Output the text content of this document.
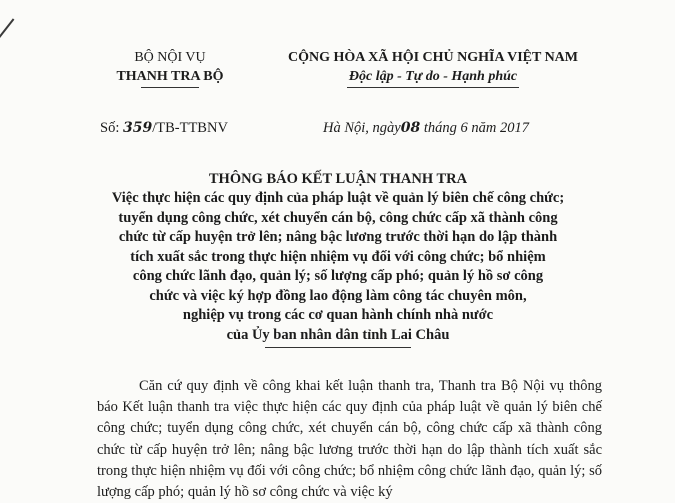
BỘ NỘI VỤ
THANH TRA BỘ
CỘNG HÒA XÃ HỘI CHỦ NGHĨA VIỆT NAM
Độc lập - Tự do - Hạnh phúc
Số: 359/TB-TTBNV	Hà Nội, ngày08 tháng 6 năm 2017
THÔNG BÁO KẾT LUẬN THANH TRA
Việc thực hiện các quy định của pháp luật về quản lý biên chế công chức;
tuyển dụng công chức, xét chuyển cán bộ, công chức cấp xã thành công
chức từ cấp huyện trở lên; nâng bậc lương trước thời hạn do lập thành
tích xuất sắc trong thực hiện nhiệm vụ đối với công chức; bổ nhiệm
công chức lãnh đạo, quản lý; số lượng cấp phó; quản lý hồ sơ công
chức và việc ký hợp đồng lao động làm công tác chuyên môn,
nghiệp vụ trong các cơ quan hành chính nhà nước
của Ủy ban nhân dân tỉnh Lai Châu
Căn cứ quy định về công khai kết luận thanh tra, Thanh tra Bộ Nội vụ thông báo Kết luận thanh tra việc thực hiện các quy định của pháp luật về quản lý biên chế công chức; tuyển dụng công chức, xét chuyển cán bộ, công chức cấp xã thành công chức từ cấp huyện trở lên; nâng bậc lương trước thời hạn do lập thành tích xuất sắc trong thực hiện nhiệm vụ đối với công chức; bổ nhiệm công chức lãnh đạo, quản lý; số lượng cấp phó; quản lý hồ sơ công chức và việc ký
